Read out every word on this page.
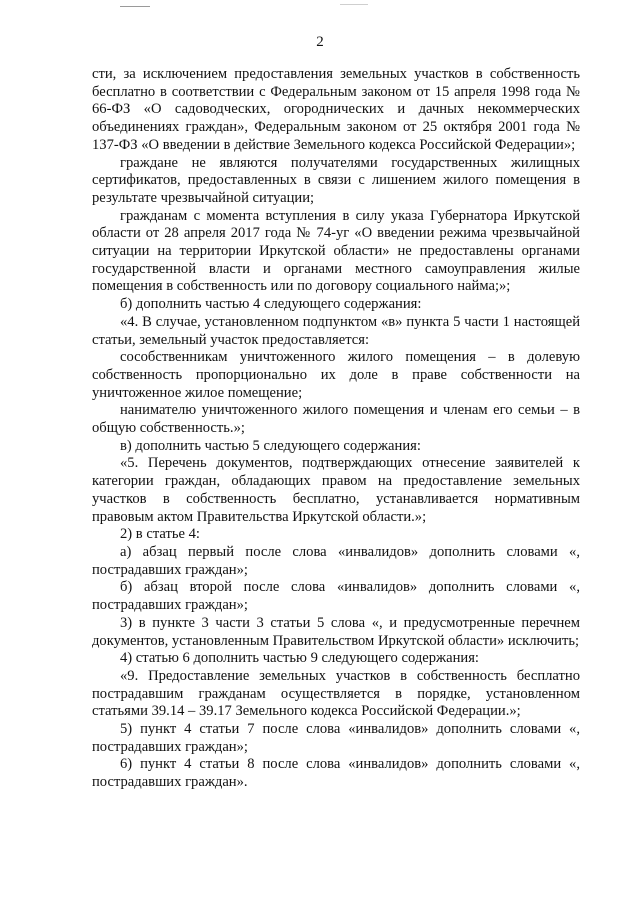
2

сти, за исключением предоставления земельных участков в собственность бесплатно в соответствии с Федеральным законом от 15 апреля 1998 года № 66-ФЗ «О садоводческих, огороднических и дачных некоммерческих объединениях граждан», Федеральным законом от 25 октября 2001 года № 137-ФЗ «О введении в действие Земельного кодекса Российской Федерации»;

граждане не являются получателями государственных жилищных сертификатов, предоставленных в связи с лишением жилого помещения в результате чрезвычайной ситуации;

гражданам с момента вступления в силу указа Губернатора Иркутской области от 28 апреля 2017 года № 74-уг «О введении режима чрезвычайной ситуации на территории Иркутской области» не предоставлены органами государственной власти и органами местного самоуправления жилые помещения в собственность или по договору социального найма;»;

б) дополнить частью 4 следующего содержания:

«4. В случае, установленном подпунктом «в» пункта 5 части 1 настоящей статьи, земельный участок предоставляется:

сособственникам уничтоженного жилого помещения – в долевую собственность пропорционально их доле в праве собственности на уничтоженное жилое помещение;

нанимателю уничтоженного жилого помещения и членам его семьи – в общую собственность.»;

в) дополнить частью 5 следующего содержания:

«5. Перечень документов, подтверждающих отнесение заявителей к категории граждан, обладающих правом на предоставление земельных участков в собственность бесплатно, устанавливается нормативным правовым актом Правительства Иркутской области.»;

2) в статье 4:

а) абзац первый после слова «инвалидов» дополнить словами «, пострадавших граждан»;

б) абзац второй после слова «инвалидов» дополнить словами «, пострадавших граждан»;

3) в пункте 3 части 3 статьи 5 слова «, и предусмотренные перечнем документов, установленным Правительством Иркутской области» исключить;

4) статью 6 дополнить частью 9 следующего содержания:

«9. Предоставление земельных участков в собственность бесплатно пострадавшим гражданам осуществляется в порядке, установленном статьями 39.14 – 39.17 Земельного кодекса Российской Федерации.»;

5) пункт 4 статьи 7 после слова «инвалидов» дополнить словами «, пострадавших граждан»;

6) пункт 4 статьи 8 после слова «инвалидов» дополнить словами «, пострадавших граждан».
